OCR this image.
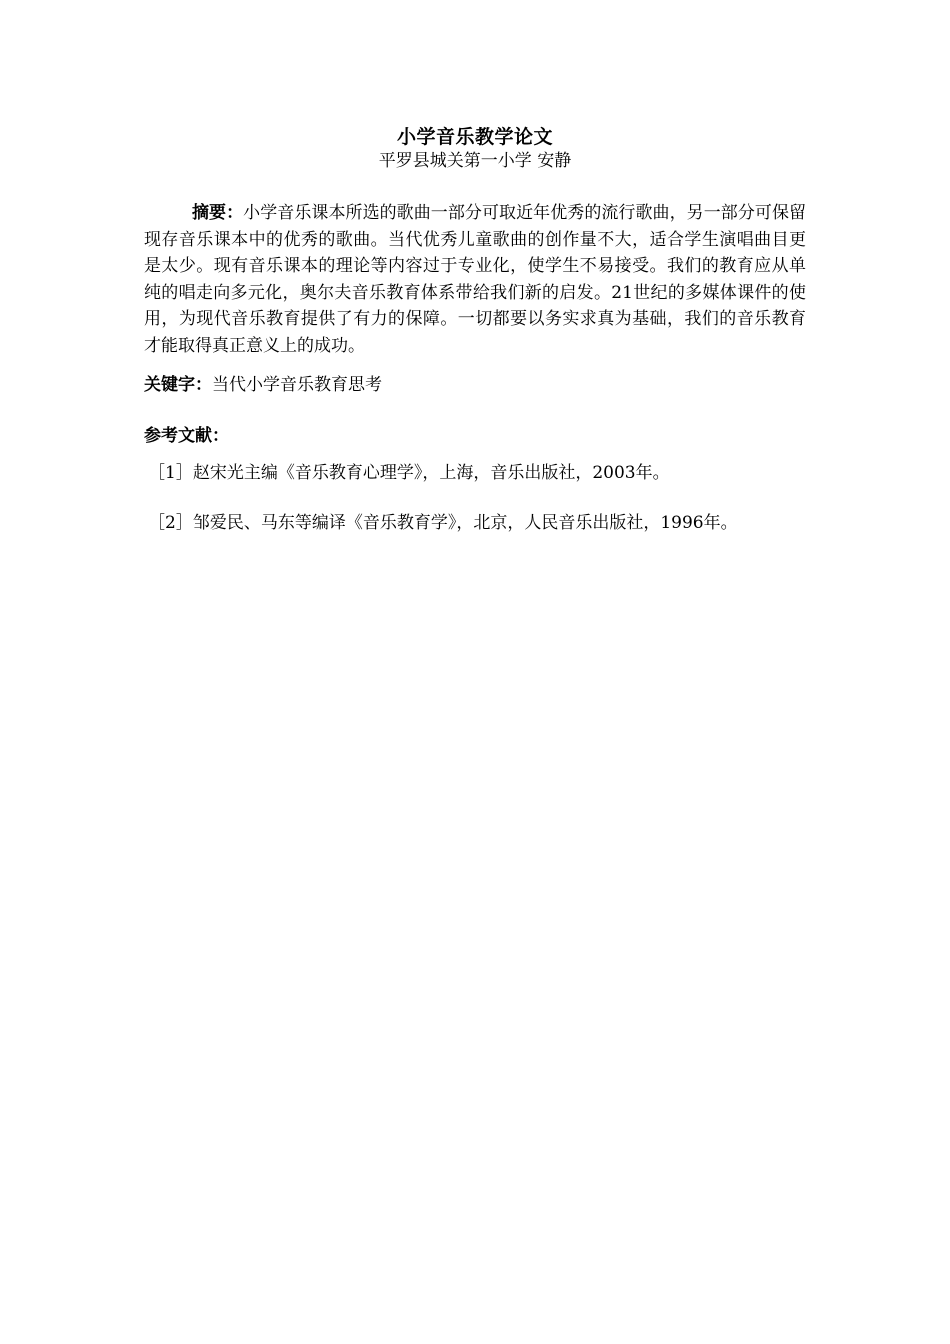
小学音乐教学论文
平罗县城关第一小学 安静
摘要：小学音乐课本所选的歌曲一部分可取近年优秀的流行歌曲，另一部分可保留现存音乐课本中的优秀的歌曲。当代优秀儿童歌曲的创作量不大，适合学生演唱曲目更是太少。现有音乐课本的理论等内容过于专业化，使学生不易接受。我们的教育应从单纯的唱走向多元化，奥尔夫音乐教育体系带给我们新的启发。21世纪的多媒体课件的使用，为现代音乐教育提供了有力的保障。一切都要以务实求真为基础，我们的音乐教育才能取得真正意义上的成功。
关键字：当代小学音乐教育思考
参考文献：
［1］赵宋光主编《音乐教育心理学》，上海，音乐出版社，2003年。
［2］邹爱民、马东等编译《音乐教育学》，北京，人民音乐出版社，1996年。
